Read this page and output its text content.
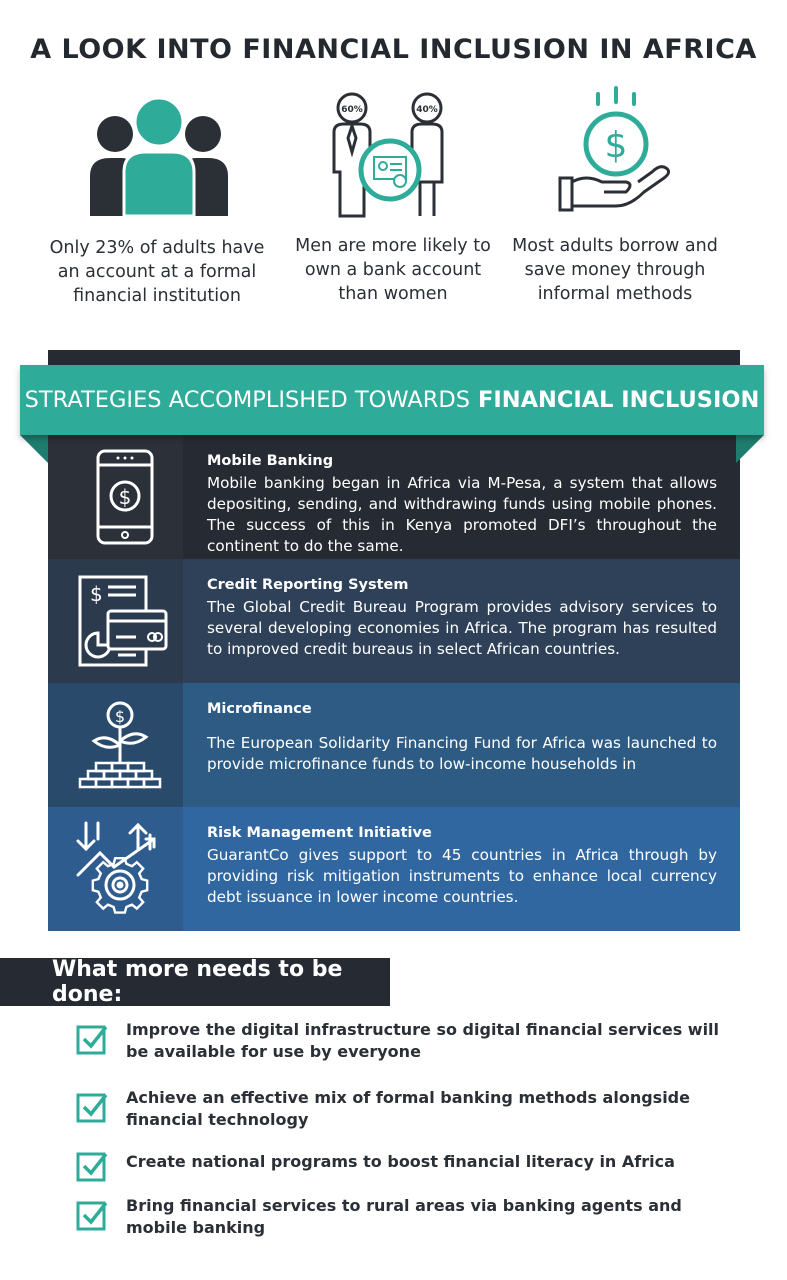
A LOOK INTO FINANCIAL INCLUSION IN AFRICA
Only 23% of adults have an account at a formal financial institution
60%	40%
Men are more likely to own a bank account than women
$
Most adults borrow and save money through informal methods
STRATEGIES ACCOMPLISHED TOWARDS FINANCIAL INCLUSION
$
Mobile Banking
Mobile banking began in Africa via M-Pesa, a system that allows depositing, sending, and withdrawing funds using mobile phones. The success of this in Kenya promoted DFI’s throughout the continent to do the same.
$	Credit Reporting System
The Global Credit Bureau Program provides advisory services to several developing economies in Africa. The program has resulted to improved credit bureaus in select African countries.
$	Microfinance
The European Solidarity Financing Fund for Africa was launched to provide microfinance funds to low-income households in
Risk Management Initiative
GuarantCo gives support to 45 countries in Africa through by providing risk mitigation instruments to enhance local currency debt issuance in lower income countries.
What more needs to be done:
Improve the digital infrastructure so digital financial services will be available for use by everyone
Achieve an effective mix of formal banking methods alongside financial technology
Create national programs to boost financial literacy in Africa
Bring financial services to rural areas via banking agents and mobile banking
